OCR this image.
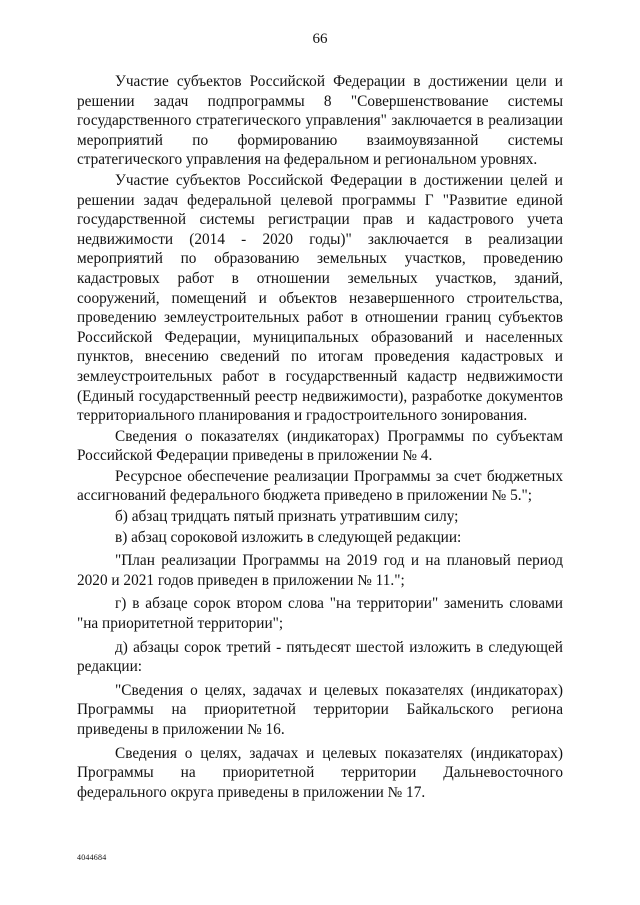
66

Участие субъектов Российской Федерации в достижении цели и решении задач подпрограммы 8 "Совершенствование системы государственного стратегического управления" заключается в реализации мероприятий по формированию взаимоувязанной системы стратегического управления на федеральном и региональном уровнях.

Участие субъектов Российской Федерации в достижении целей и решении задач федеральной целевой программы Г "Развитие единой государственной системы регистрации прав и кадастрового учета недвижимости (2014 - 2020 годы)" заключается в реализации мероприятий по образованию земельных участков, проведению кадастровых работ в отношении земельных участков, зданий, сооружений, помещений и объектов незавершенного строительства, проведению землеустроительных работ в отношении границ субъектов Российской Федерации, муниципальных образований и населенных пунктов, внесению сведений по итогам проведения кадастровых и землеустроительных работ в государственный кадастр недвижимости (Единый государственный реестр недвижимости), разработке документов территориального планирования и градостроительного зонирования.

Сведения о показателях (индикаторах) Программы по субъектам Российской Федерации приведены в приложении № 4.

Ресурсное обеспечение реализации Программы за счет бюджетных ассигнований федерального бюджета приведено в приложении № 5.";

б) абзац тридцать пятый признать утратившим силу;

в) абзац сороковой изложить в следующей редакции:

"План реализации Программы на 2019 год и на плановый период 2020 и 2021 годов приведен в приложении № 11.";

г) в абзаце сорок втором слова "на территории" заменить словами "на приоритетной территории";

д) абзацы сорок третий - пятьдесят шестой изложить в следующей редакции:

"Сведения о целях, задачах и целевых показателях (индикаторах) Программы на приоритетной территории Байкальского региона приведены в приложении № 16.

Сведения о целях, задачах и целевых показателях (индикаторах) Программы на приоритетной территории Дальневосточного федерального округа приведены в приложении № 17.

4044684
